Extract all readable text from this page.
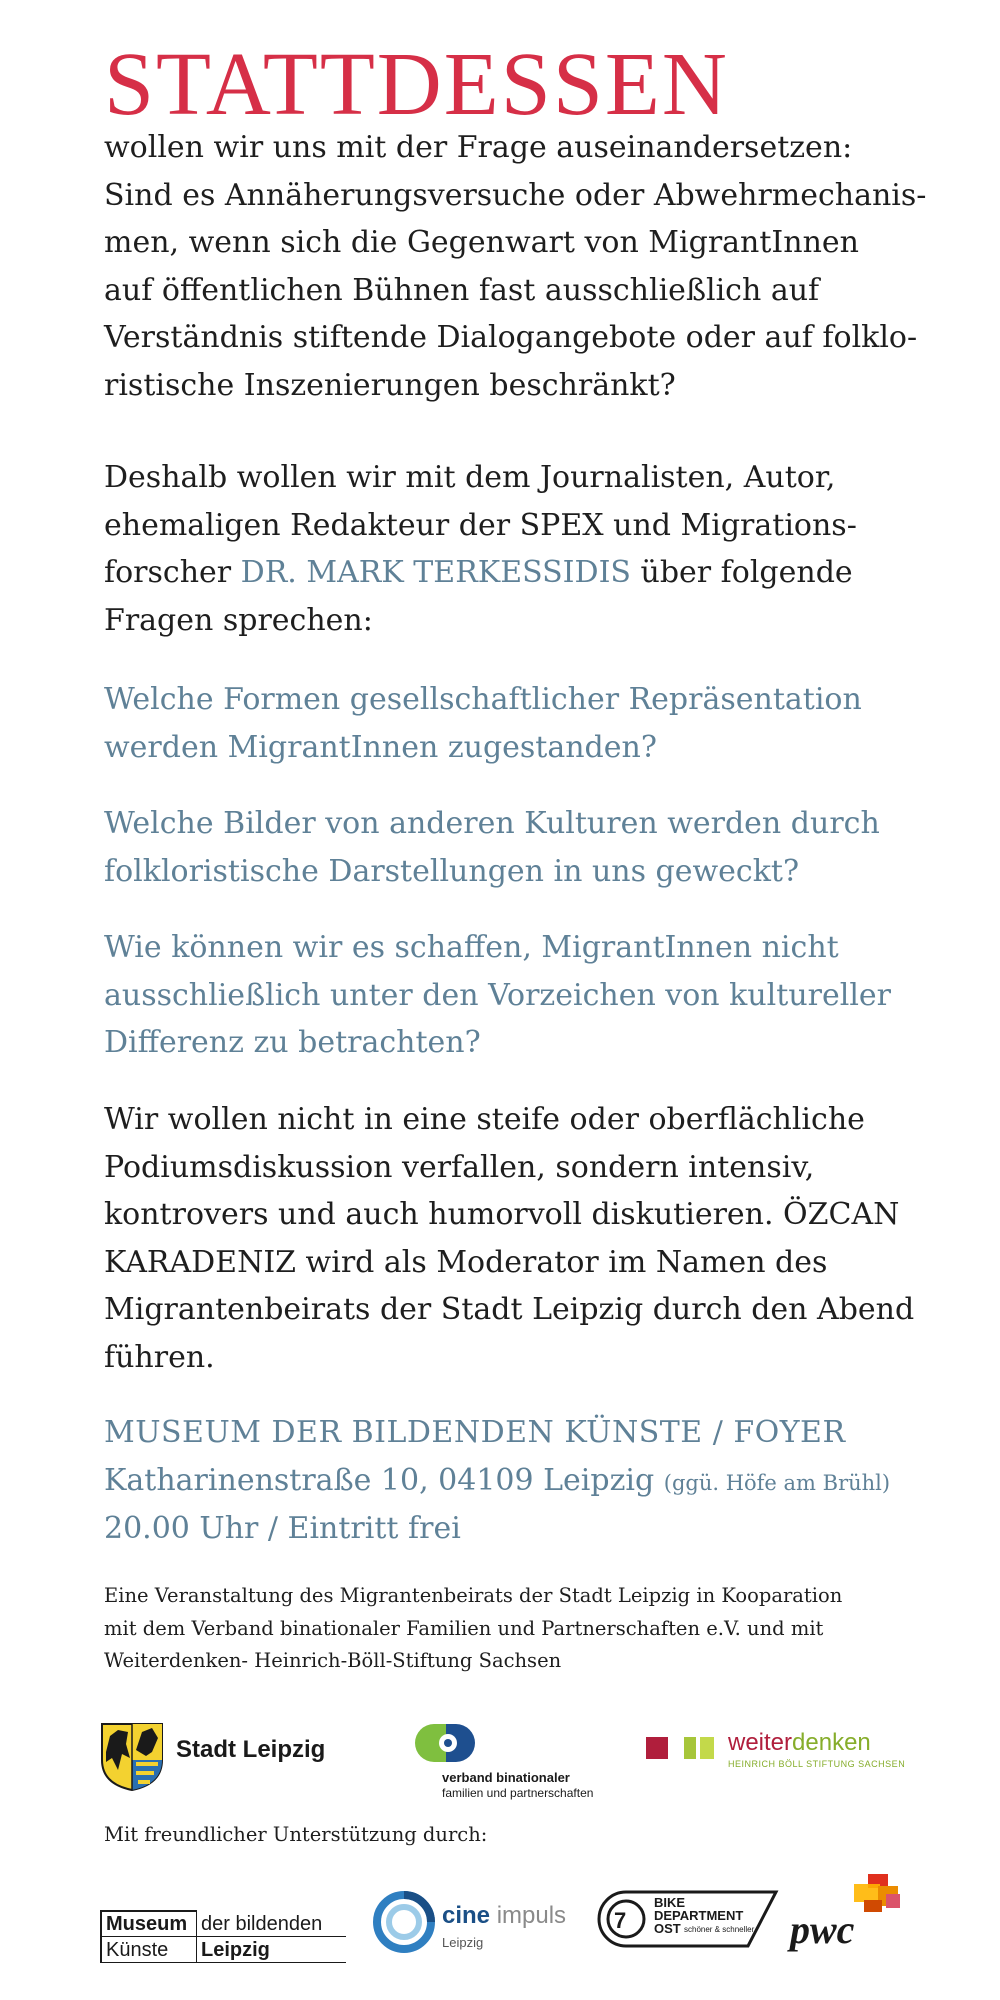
STATTDESSEN

wollen wir uns mit der Frage auseinandersetzen:
Sind es Annäherungsversuche oder Abwehrmechanis-
men, wenn sich die Gegenwart von MigrantInnen
auf öffentlichen Bühnen fast ausschließlich auf
Verständnis stiftende Dialogangebote oder auf folklo-
ristische Inszenierungen beschränkt?

Deshalb wollen wir mit dem Journalisten, Autor,
ehemaligen Redakteur der SPEX und Migrations-
forscher DR. MARK TERKESSIDIS über folgende
Fragen sprechen:

Welche Formen gesellschaftlicher Repräsentation
werden MigrantInnen zugestanden?

Welche Bilder von anderen Kulturen werden durch
folkloristische Darstellungen in uns geweckt?

Wie können wir es schaffen, MigrantInnen nicht
ausschließlich unter den Vorzeichen von kultureller
Differenz zu betrachten?

Wir wollen nicht in eine steife oder oberflächliche
Podiumsdiskussion verfallen, sondern intensiv,
kontrovers und auch humorvoll diskutieren. ÖZCAN
KARADENIZ wird als Moderator im Namen des
Migrantenbeirats der Stadt Leipzig durch den Abend
führen.

MUSEUM DER BILDENDEN KÜNSTE / FOYER

Katharinenstraße 10, 04109 Leipzig (ggü. Höfe am Brühl)

20.00 Uhr / Eintritt frei

Eine Veranstaltung des Migrantenbeirats der Stadt Leipzig in Kooparation
mit dem Verband binationaler Familien und Partnerschaften e.V. und mit
Weiterdenken- Heinrich-Böll-Stiftung Sachsen

Stadt Leipzig
verband binationaler
familien und partnerschaften
weiterdenken
HEINRICH BÖLL STIFTUNG SACHSEN

Mit freundlicher Unterstützung durch:

Museum der bildenden
Künste Leipzig
cine impuls
Leipzig
7
BIKE
DEPARTMENT
OST schöner & schneller pwc
